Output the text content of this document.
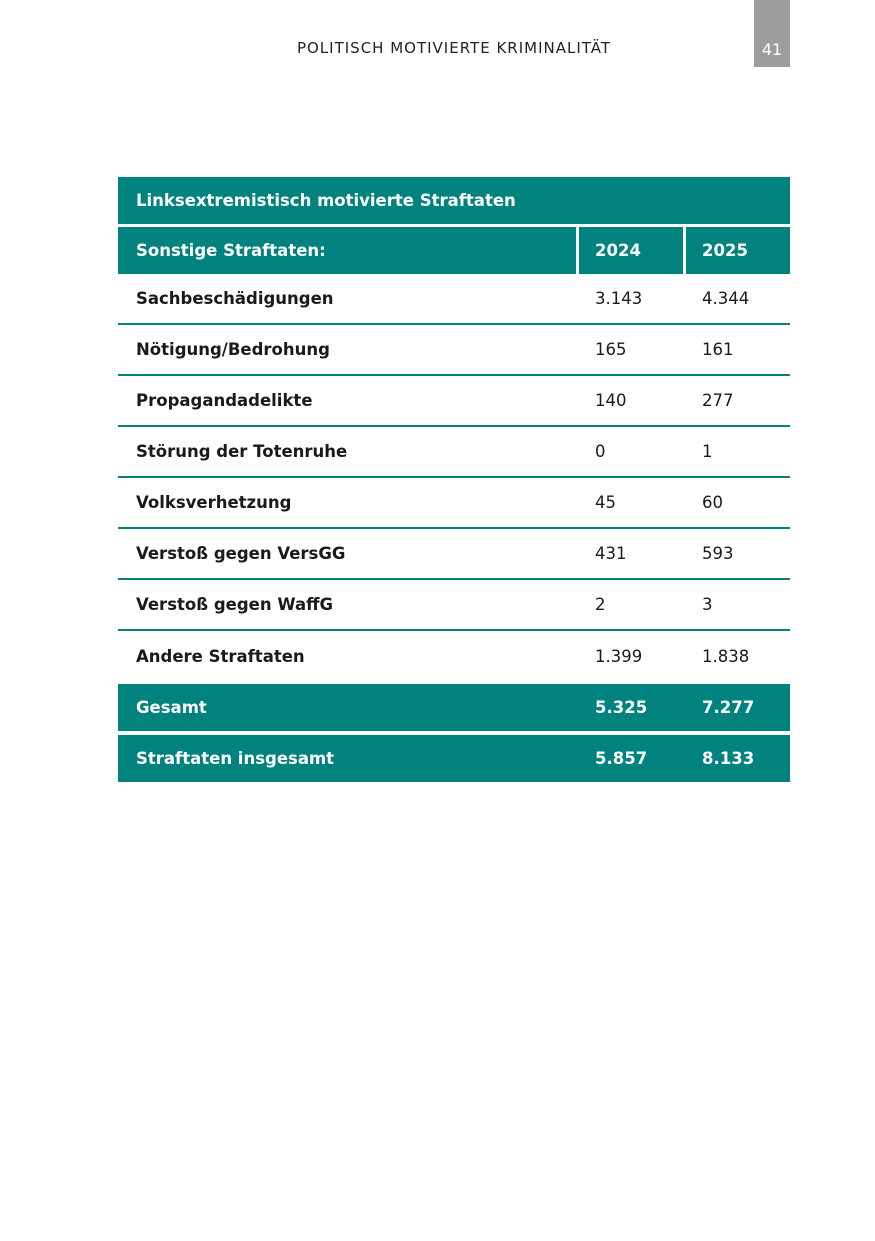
POLITISCH MOTIVIERTE KRIMINALITÄT	41
Linksextremistisch motivierte Straftaten
Sonstige Straftaten:	2024	2025
Sachbeschädigungen	3.143	4.344
Nötigung/Bedrohung	165	161
Propagandadelikte	140	277
Störung der Totenruhe	0	1
Volksverhetzung	45	60
Verstoß gegen VersGG	431	593
Verstoß gegen WaffG	2	3
Andere Straftaten	1.399	1.838
Gesamt	5.325	7.277
Straftaten insgesamt	5.857	8.133
